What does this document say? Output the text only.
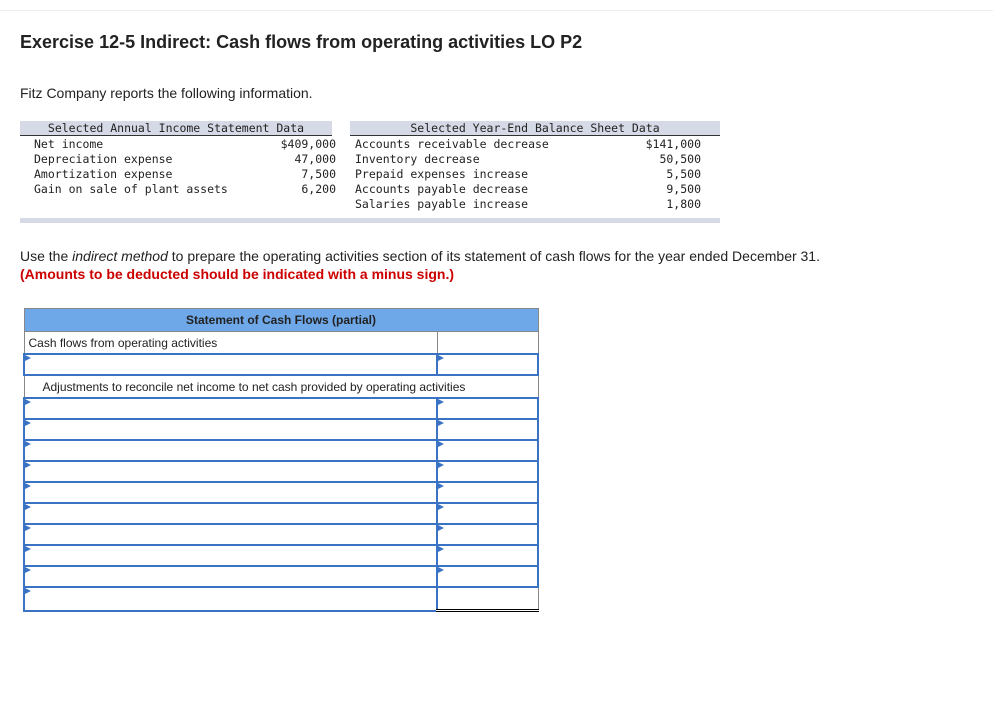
Exercise 12-5 Indirect: Cash flows from operating activities LO P2
Fitz Company reports the following information.
Selected Annual Income Statement Data	Selected Year-End Balance Sheet Data
Net income	$409,000
Depreciation expense	47,000
Amortization expense	7,500
Gain on sale of plant assets	6,200
Accounts receivable decrease	$141,000
Inventory decrease	50,500
Prepaid expenses increase	5,500
Accounts payable decrease	9,500
Salaries payable increase	1,800
Use the indirect method to prepare the operating activities section of its statement of cash flows for the year ended December 31.
(Amounts to be deducted should be indicated with a minus sign.)
Statement of Cash Flows (partial)	
Cash flows from operating activities	

Adjustments to reconcile net income to net cash provided by operating activities	
